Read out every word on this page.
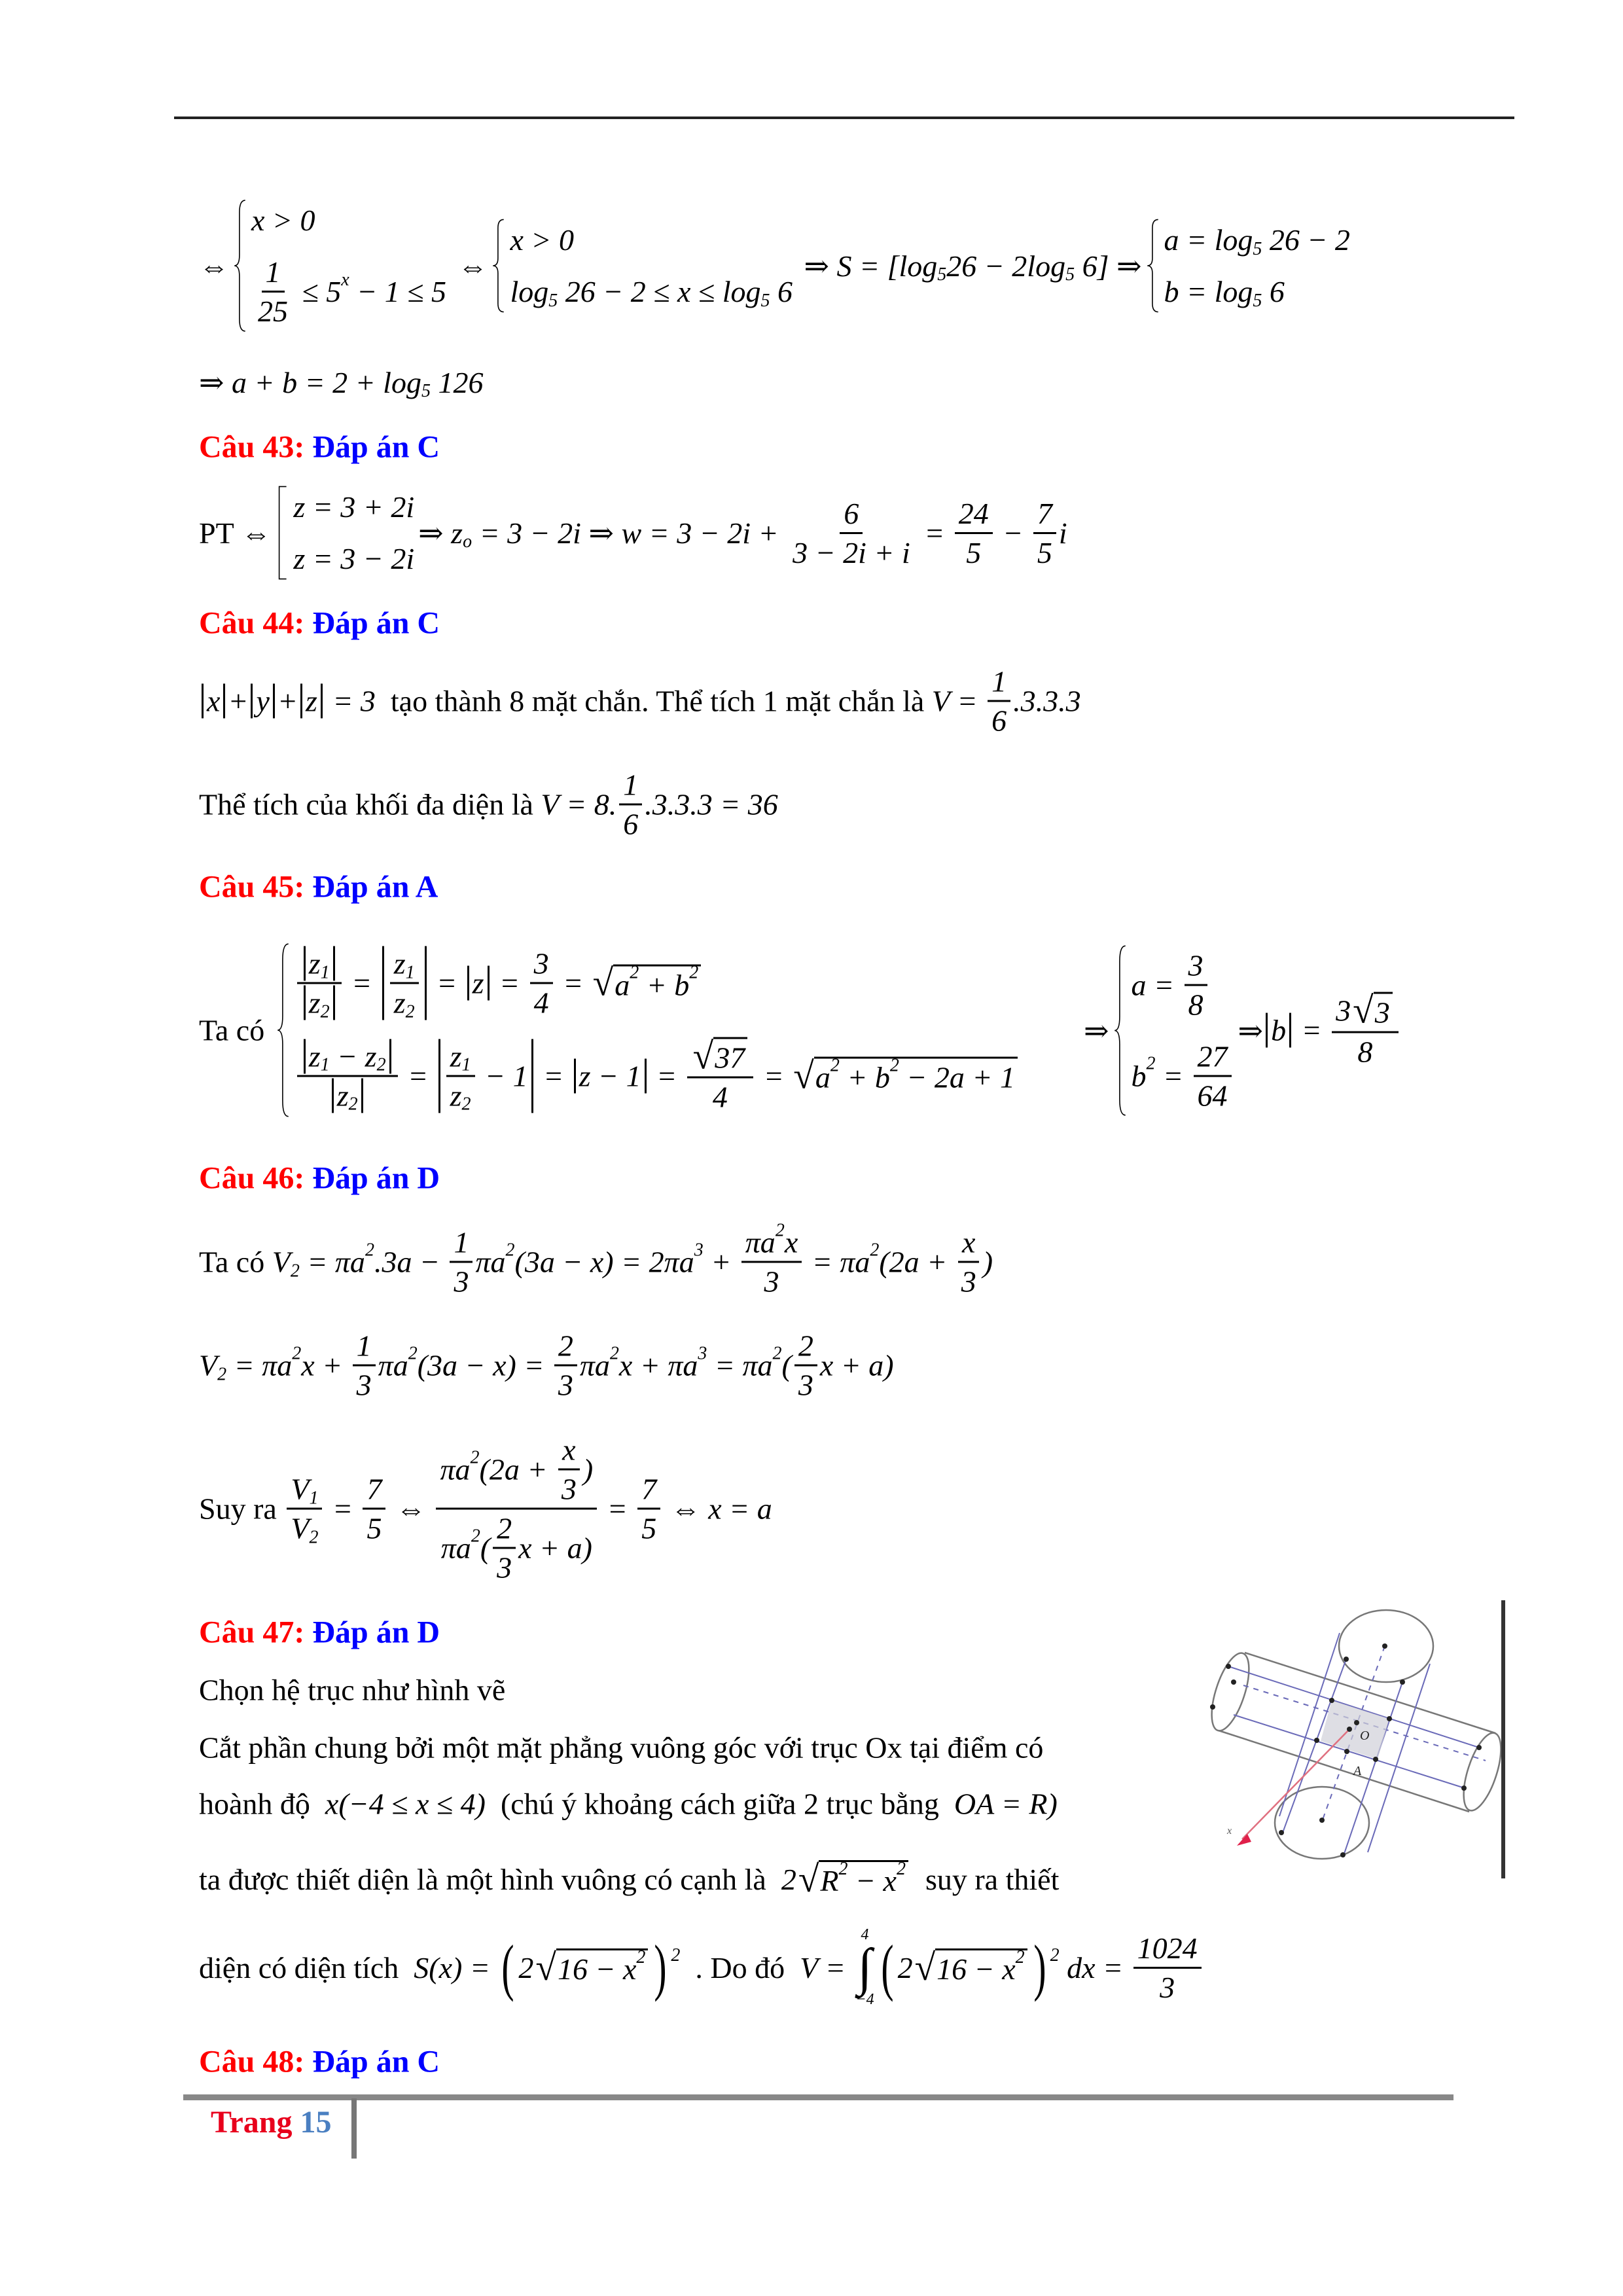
⇔
x > 0
$\frac{1}{25} \le 5$ x − 1 ≤ 5
⇔
x > 0
log 5 26 − 2 ≤ x ≤ log 5 6
⇒ S = [log 5 26 − 2log 5 6] ⇒
a = log 5 26 − 2
b = log 5 6
⇒ a + b = 2 + log 5 126
Câu 43: Đáp án C
PT ⇔
z = 3 + 2i
z = 3 − 2i
⇒ z o = 3 − 2i ⇒ $w = 3 - 2i + \frac{6}{3 - 2i + i} = \frac{24}{5} - \frac{7}{5}$ i
Câu 44: Đáp án C
x + y + z = 3 tạo thành 8 mặt chắn. Thể tích 1 mặt chắn là $V = \frac{1}{6} .3.3.3$
Thể tích của khối đa diện là V = 8. $\frac{1}{6} .3.3.3 = 36$
Câu 45: Đáp án A
Ta có
$\frac{z 1}{z 2} = \frac{z 1}{z 2} = z = \frac{3}{4}$ = √ a 2 + b 2
$\frac{z 1 - z 2}{z 2} = \frac{z 1}{z 2} - 1 = z - 1 = \frac{√ 37}{4}$ = √ a 2 + b 2 − 2a + 1
⇒
$a = \frac{3}{8}$
b $2 = \frac{27}{64}$
⇒ $b = \frac{3 √ 3}{8}$
Câu 46: Đáp án D
Ta có V 2 = πa 2 $.3a - \frac{1}{3}$ πa 2 (3a − x) = 2πa $3 + \frac{\pi a 2 x}{3} = \pi a$ 2 ($2a + \frac{x}{3}$ )
V 2 = πa 2 $x + \frac{1}{3}$ πa 2 $(3a - x) = \frac{2}{3}$ πa 2 x + πa 3 = πa 2 ( $\frac{2}{3}$ x + a)
Suy ra $\frac{V 1}{V 2} = \frac{7}{5}$ ⇔ $\frac{\pi a 2 (2a + \frac{x}{3} )}{\pi a 2 ( \frac{2}{3} x + a)} = \frac{7}{5}$ ⇔ x = a
Câu 47: Đáp án D
Chọn hệ trục như hình vẽ
Cắt phần chung bởi một mặt phẳng vuông góc với trục Ox tại điểm có
hoành độ x(−4 ≤ x ≤ 4) (chú ý khoảng cách giữa 2 trục bằng OA = R)
ta được thiết diện là một hình vuông có cạnh là 2 √ R 2 − x 2 suy ra thiết
diện có diện tích S(x) = ( 2 √ 16 − x 2 ) 2 . Do đó V =
4
∫
−4 ( 2 √ 16 − x 2 ) 2 dx = $\frac{1024}{3}$
O
A
x
Câu 48: Đáp án C
Trang 15
